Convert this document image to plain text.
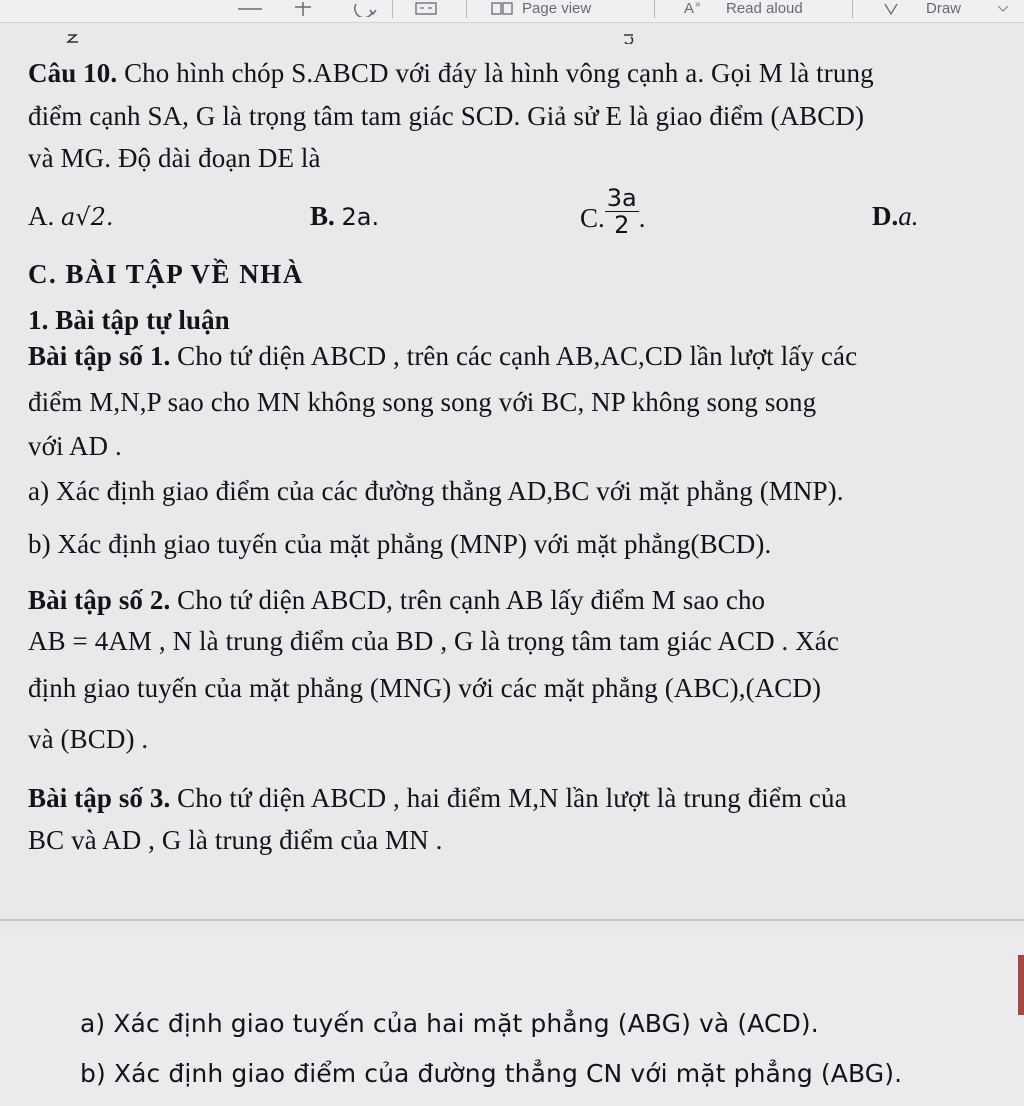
Page view	A » Read aloud	Draw
Câu 10. Cho hình chóp S.ABCD với đáy là hình vông cạnh a. Gọi M là trung
điểm cạnh SA, G là trọng tâm tam giác SCD. Giả sử E là giao điểm (ABCD)
và MG. Độ dài đoạn DE là
A. a√2.	B. 2a.	C. $\frac{3a}{2}$ .	D.a.
C. BÀI TẬP VỀ NHÀ
1. Bài tập tự luận
Bài tập số 1. Cho tứ diện ABCD , trên các cạnh AB,AC,CD lần lượt lấy các
điểm M,N,P sao cho MN không song song với BC, NP không song song
với AD .
a) Xác định giao điểm của các đường thẳng AD,BC với mặt phẳng (MNP).
b) Xác định giao tuyến của mặt phẳng (MNP) với mặt phẳng(BCD).
Bài tập số 2. Cho tứ diện ABCD, trên cạnh AB lấy điểm M sao cho
AB = 4AM , N là trung điểm của BD , G là trọng tâm tam giác ACD . Xác
định giao tuyến của mặt phẳng (MNG) với các mặt phẳng (ABC),(ACD)
và (BCD) .
Bài tập số 3. Cho tứ diện ABCD , hai điểm M,N lần lượt là trung điểm của
BC và AD , G là trung điểm của MN .
a) Xác định giao tuyến của hai mặt phẳng (ABG) và (ACD).
b) Xác định giao điểm của đường thẳng CN với mặt phẳng (ABG).
